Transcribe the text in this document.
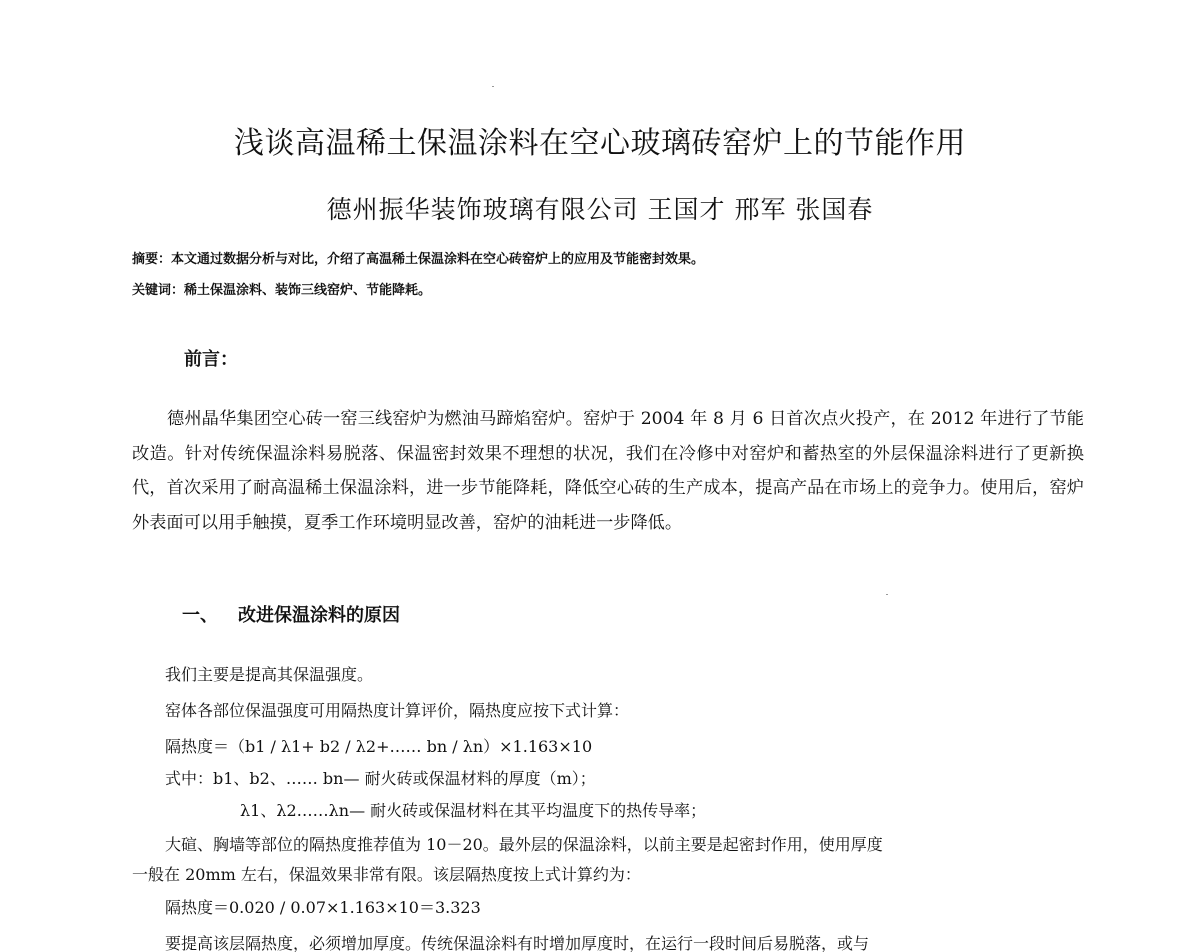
浅谈高温稀土保温涂料在空心玻璃砖窑炉上的节能作用
德州振华装饰玻璃有限公司 王国才 邢军 张国春
摘要：本文通过数据分析与对比，介绍了高温稀土保温涂料在空心砖窑炉上的应用及节能密封效果。
关键词：稀土保温涂料、装饰三线窑炉、节能降耗。
前言：

德州晶华集团空心砖一窑三线窑炉为燃油马蹄焰窑炉。窑炉于 2004 年 8 月 6 日首次点火投产，在 2012 年进行了节能改造。针对传统保温涂料易脱落、保温密封效果不理想的状况，我们在冷修中对窑炉和蓄热室的外层保温涂料进行了更新换代，首次采用了耐高温稀土保温涂料，进一步节能降耗，降低空心砖的生产成本，提高产品在市场上的竞争力。使用后，窑炉外表面可以用手触摸，夏季工作环境明显改善，窑炉的油耗进一步降低。

一、 改进保温涂料的原因
我们主要是提高其保温强度。
窑体各部位保温强度可用隔热度计算评价，隔热度应按下式计算：
隔热度＝（b1 / λ1+ b2 / λ2+…… bn / λn）×1.163×10
式中：b1、b2、…… bn— 耐火砖或保温材料的厚度（m）；
λ1、λ2……λn— 耐火砖或保温材料在其平均温度下的热传导率；
大碹、胸墙等部位的隔热度推荐值为 10－20。最外层的保温涂料，以前主要是起密封作用，使用厚度
一般在 20mm 左右，保温效果非常有限。该层隔热度按上式计算约为：
隔热度＝0.020 / 0.07×1.163×10＝3.323
要提高该层隔热度，必须增加厚度。传统保温涂料有时增加厚度时，在运行一段时间后易脱落，或与
